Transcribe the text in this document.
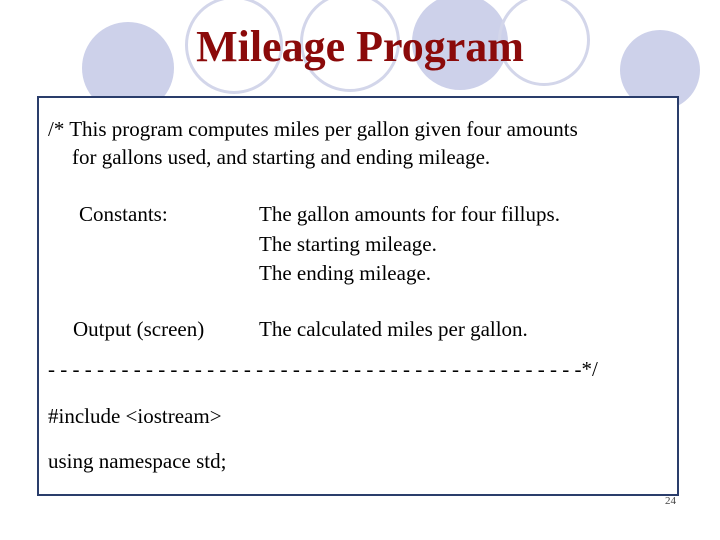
Mileage Program

/* This program computes miles per gallon given four amounts

for gallons used, and starting and ending mileage.

Constants:	The gallon amounts for four fillups.

The starting mileage.

The ending mileage.

Output (screen)	The calculated miles per gallon.

- - - - - - - - - - - - - - - - - - - - - - - - - - - - - - - - - - - - - - - - - - - -*/

#include <iostream>

using namespace std;

24
